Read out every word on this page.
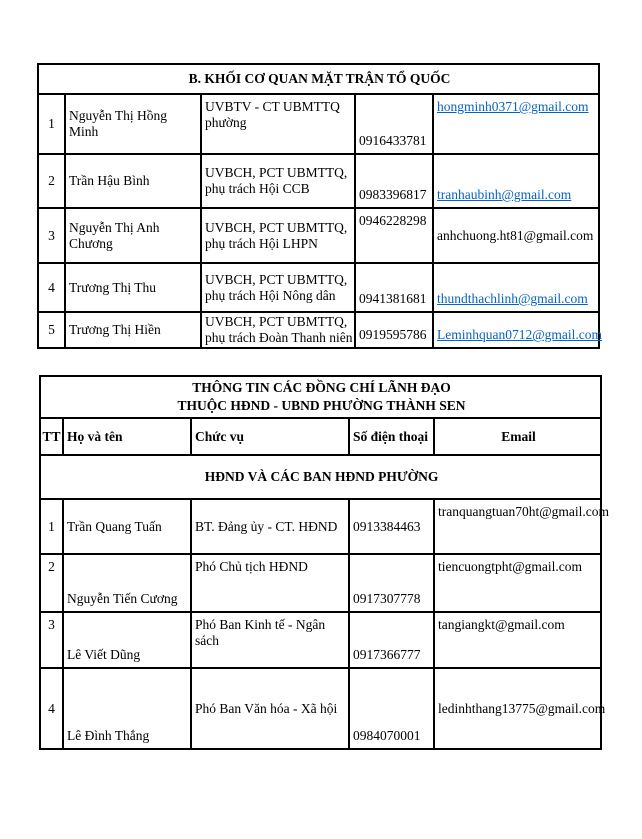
B. KHỐI CƠ QUAN MẶT TRẬN TỔ QUỐC				
1	Nguyễn Thị Hồng Minh	UVBTV - CT UBMTTQ phường	0916433781	hongminh0371@gmail.com
2	Trần Hậu Bình	UVBCH, PCT UBMTTQ, phụ trách Hội CCB	0983396817	tranhaubinh@gmail.com
3	Nguyễn Thị Anh Chương	UVBCH, PCT UBMTTQ, phụ trách Hội LHPN	0946228298	anhchuong.ht81@gmail.com
4	Trương Thị Thu	UVBCH, PCT UBMTTQ, phụ trách Hội Nông dân	0941381681	thundthachlinh@gmail.com
5	Trương Thị Hiền	UVBCH, PCT UBMTTQ, phụ trách Đoàn Thanh niên	0919595786	Leminhquan0712@gmail.com
THÔNG TIN CÁC ĐỒNG CHÍ LÃNH ĐẠO
THUỘC HĐND - UBND PHƯỜNG THÀNH SEN				

TT	Họ và tên	Chức vụ	Số điện thoại	Email
HĐND VÀ CÁC BAN HĐND PHƯỜNG				
1	Trần Quang Tuấn	BT. Đảng ủy - CT. HĐND	0913384463	tranquangtuan70ht@gmail.com
2	Nguyễn Tiến Cương	Phó Chủ tịch HĐND	0917307778	tiencuongtpht@gmail.com
3	Lê Viết Dũng	Phó Ban Kinh tế - Ngân sách	0917366777	tangiangkt@gmail.com
4	Lê Đình Thắng	Phó Ban Văn hóa - Xã hội	0984070001	ledinhthang13775@gmail.com
